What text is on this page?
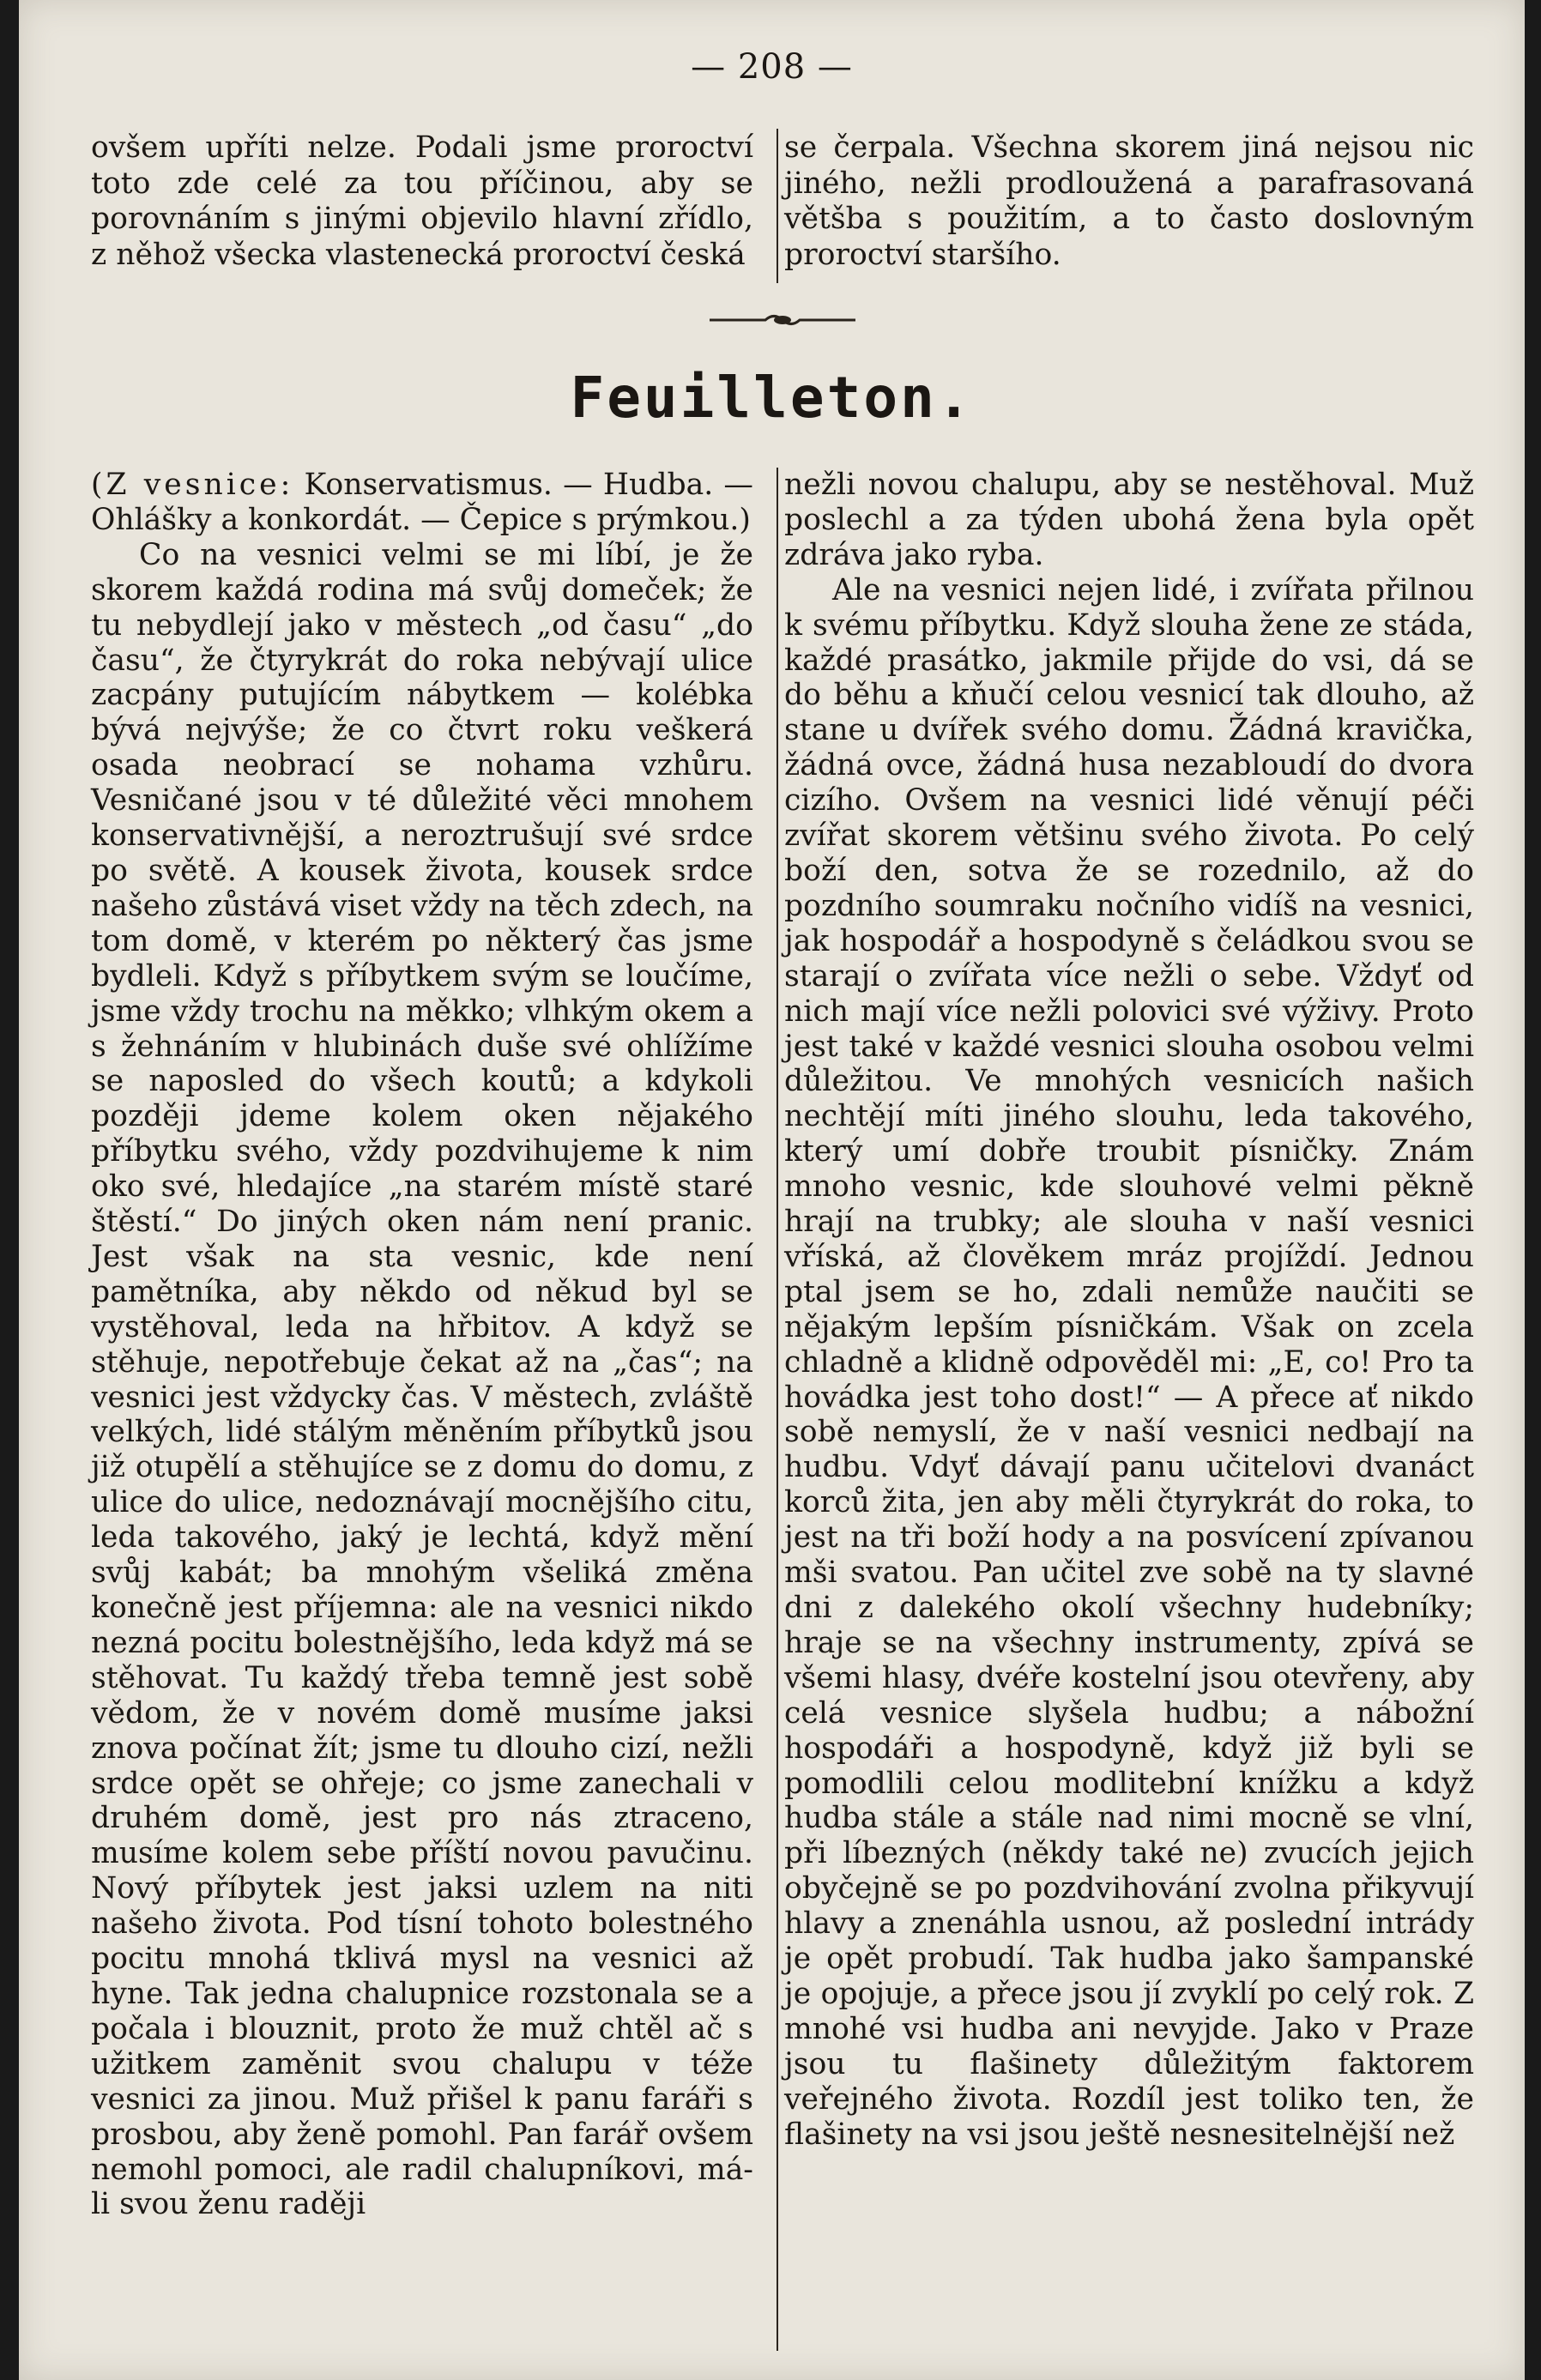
— 208 —

ovšem upříti nelze. Podali jsme proroctví toto zde celé za tou příčinou, aby se porovnáním s jinými objevilo hlavní zřídlo, z něhož všecka vlastenecká proroctví česká

se čerpala. Všechna skorem jiná nejsou nic jiného, nežli prodloužená a parafrasovaná většba s použitím, a to často doslovným proroctví staršího.

Feuilleton.

(Z vesnice: Konservatismus. — Hudba. — Ohlášky a konkordát. — Čepice s prýmkou.)

Co na vesnici velmi se mi líbí, je že skorem každá rodina má svůj domeček; že tu nebydlejí jako v městech „od času“ „do času“, že čtyrykrát do roka nebývají ulice zacpány putujícím nábytkem — kolébka bývá nejvýše; že co čtvrt roku veškerá osada neobrací se nohama vzhůru. Vesničané jsou v té důležité věci mnohem konservativnější, a neroztrušují své srdce po světě. A kousek života, kousek srdce našeho zůstává viset vždy na těch zdech, na tom domě, v kterém po některý čas jsme bydleli. Když s příbytkem svým se loučíme, jsme vždy trochu na měkko; vlhkým okem a s žehnáním v hlubinách duše své ohlížíme se naposled do všech koutů; a kdykoli později jdeme kolem oken nějakého příbytku svého, vždy pozdvihujeme k nim oko své, hledajíce „na starém místě staré štěstí.“ Do jiných oken nám není pranic. Jest však na sta vesnic, kde není pamětníka, aby někdo od někud byl se vystěhoval, leda na hřbitov. A když se stěhuje, nepotřebuje čekat až na „čas“; na vesnici jest vždycky čas. V městech, zvláště velkých, lidé stálým měněním příbytků jsou již otupělí a stěhujíce se z domu do domu, z ulice do ulice, nedoznávají mocnějšího citu, leda takového, jaký je lechtá, když mění svůj kabát; ba mnohým všeliká změna konečně jest příjemna: ale na vesnici nikdo nezná pocitu bolestnějšího, leda když má se stěhovat. Tu každý třeba temně jest sobě vědom, že v novém domě musíme jaksi znova počínat žít; jsme tu dlouho cizí, nežli srdce opět se ohřeje; co jsme zanechali v druhém domě, jest pro nás ztraceno, musíme kolem sebe příští novou pavučinu. Nový příbytek jest jaksi uzlem na niti našeho života. Pod tísní tohoto bolestného pocitu mnohá tklivá mysl na vesnici až hyne. Tak jedna chalupnice rozstonala se a počala i blouznit, proto že muž chtěl ač s užitkem zaměnit svou chalupu v téže vesnici za jinou. Muž přišel k panu faráři s prosbou, aby ženě pomohl. Pan farář ovšem nemohl pomoci, ale radil chalupníkovi, má-li svou ženu raději

nežli novou chalupu, aby se nestěhoval. Muž poslechl a za týden ubohá žena byla opět zdráva jako ryba.

Ale na vesnici nejen lidé, i zvířata přilnou k svému příbytku. Když slouha žene ze stáda, každé prasátko, jakmile přijde do vsi, dá se do běhu a kňučí celou vesnicí tak dlouho, až stane u dvířek svého domu. Žádná kravička, žádná ovce, žádná husa nezabloudí do dvora cizího. Ovšem na vesnici lidé věnují péči zvířat skorem většinu svého života. Po celý boží den, sotva že se rozednilo, až do pozdního soumraku nočního vidíš na vesnici, jak hospodář a hospodyně s čeládkou svou se starají o zvířata více nežli o sebe. Vždyť od nich mají více nežli polovici své výživy. Proto jest také v každé vesnici slouha osobou velmi důležitou. Ve mnohých vesnicích našich nechtějí míti jiného slouhu, leda takového, který umí dobře troubit písničky. Znám mnoho vesnic, kde slouhové velmi pěkně hrají na trubky; ale slouha v naší vesnici vříská, až člověkem mráz projíždí. Jednou ptal jsem se ho, zdali nemůže naučiti se nějakým lepším písničkám. Však on zcela chladně a klidně odpověděl mi: „E, co! Pro ta hovádka jest toho dost!“ — A přece ať nikdo sobě nemyslí, že v naší vesnici nedbají na hudbu. Vdyť dávají panu učitelovi dvanáct korců žita, jen aby měli čtyrykrát do roka, to jest na tři boží hody a na posvícení zpívanou mši svatou. Pan učitel zve sobě na ty slavné dni z dalekého okolí všechny hudebníky; hraje se na všechny instrumenty, zpívá se všemi hlasy, dvéře kostelní jsou otevřeny, aby celá vesnice slyšela hudbu; a nábožní hospodáři a hospodyně, když již byli se pomodlili celou modlitební knížku a když hudba stále a stále nad nimi mocně se vlní, při líbezných (někdy také ne) zvucích jejich obyčejně se po pozdvihování zvolna přikyvují hlavy a znenáhla usnou, až poslední intrády je opět probudí. Tak hudba jako šampanské je opojuje, a přece jsou jí zvyklí po celý rok. Z mnohé vsi hudba ani nevyjde. Jako v Praze jsou tu flašinety důležitým faktorem veřejného života. Rozdíl jest toliko ten, že flašinety na vsi jsou ještě nesnesitelnější než
